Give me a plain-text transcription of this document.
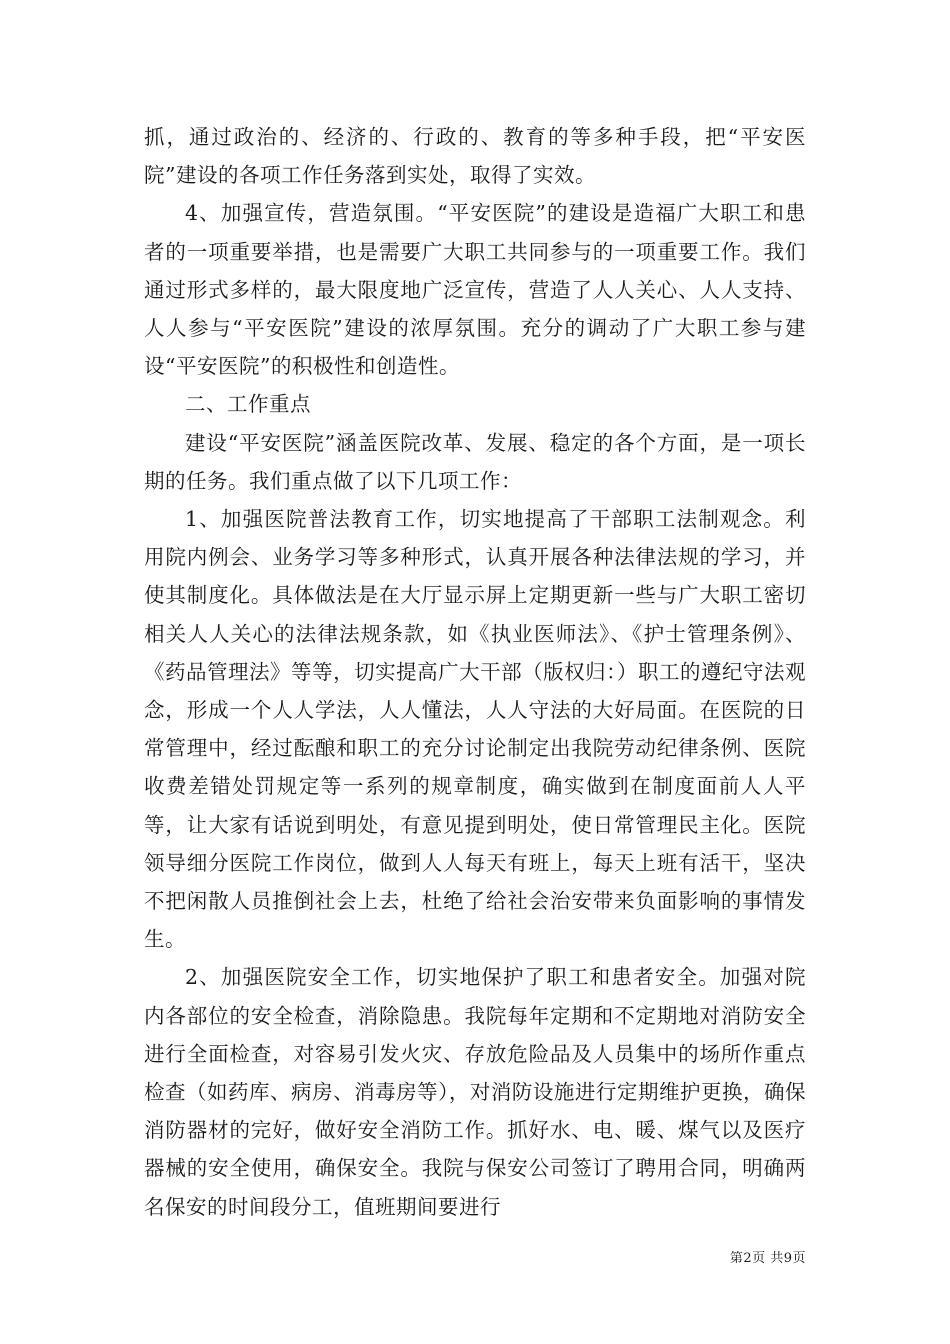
抓，通过政治的、经济的、行政的、教育的等多种手段，把“平安医院”建设的各项工作任务落到实处，取得了实效。

4、加强宣传，营造氛围。“平安医院”的建设是造福广大职工和患者的一项重要举措，也是需要广大职工共同参与的一项重要工作。我们通过形式多样的，最大限度地广泛宣传，营造了人人关心、人人支持、人人参与“平安医院”建设的浓厚氛围。充分的调动了广大职工参与建设“平安医院”的积极性和创造性。

二、工作重点

建设“平安医院”涵盖医院改革、发展、稳定的各个方面，是一项长期的任务。我们重点做了以下几项工作：

1、加强医院普法教育工作，切实地提高了干部职工法制观念。利用院内例会、业务学习等多种形式，认真开展各种法律法规的学习，并使其制度化。具体做法是在大厅显示屏上定期更新一些与广大职工密切相关人人关心的法律法规条款，如《执业医师法》、《护士管理条例》、《药品管理法》等等，切实提高广大干部（版权归：）职工的遵纪守法观念，形成一个人人学法，人人懂法，人人守法的大好局面。在医院的日常管理中，经过酝酿和职工的充分讨论制定出我院劳动纪律条例、医院收费差错处罚规定等一系列的规章制度，确实做到在制度面前人人平等，让大家有话说到明处，有意见提到明处，使日常管理民主化。医院领导细分医院工作岗位，做到人人每天有班上，每天上班有活干，坚决不把闲散人员推倒社会上去，杜绝了给社会治安带来负面影响的事情发生。

2、加强医院安全工作，切实地保护了职工和患者安全。加强对院内各部位的安全检查，消除隐患。我院每年定期和不定期地对消防安全进行全面检查，对容易引发火灾、存放危险品及人员集中的场所作重点检查（如药库、病房、消毒房等），对消防设施进行定期维护更换，确保消防器材的完好，做好安全消防工作。抓好水、电、暖、煤气以及医疗器械的安全使用，确保安全。我院与保安公司签订了聘用合同，明确两名保安的时间段分工，值班期间要进行

第2页 共9页
